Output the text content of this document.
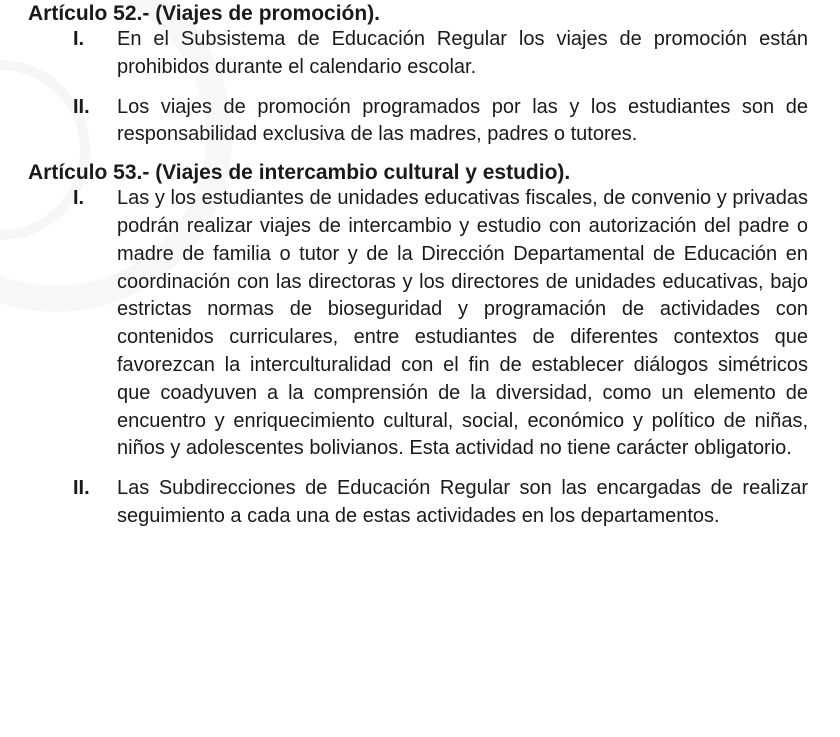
Artículo 52.- (Viajes de promoción).

I.	En el Subsistema de Educación Regular los viajes de promoción están prohibidos durante el calendario escolar.
II.	Los viajes de promoción programados por las y los estudiantes son de responsabilidad exclusiva de las madres, padres o tutores.

Artículo 53.- (Viajes de intercambio cultural y estudio).

I.	Las y los estudiantes de unidades educativas fiscales, de convenio y privadas podrán realizar viajes de intercambio y estudio con autorización del padre o madre de familia o tutor y de la Dirección Departamental de Educación en coordinación con las directoras y los directores de unidades educativas, bajo estrictas normas de bioseguridad y programación de actividades con contenidos curriculares, entre estudiantes de diferentes contextos que favorezcan la interculturalidad con el fin de establecer diálogos simétricos que coadyuven a la comprensión de la diversidad, como un elemento de encuentro y enriquecimiento cultural, social, económico y político de niñas, niños y adolescentes bolivianos. Esta actividad no tiene carácter obligatorio.
II.	Las Subdirecciones de Educación Regular son las encargadas de realizar seguimiento a cada una de estas actividades en los departamentos.
